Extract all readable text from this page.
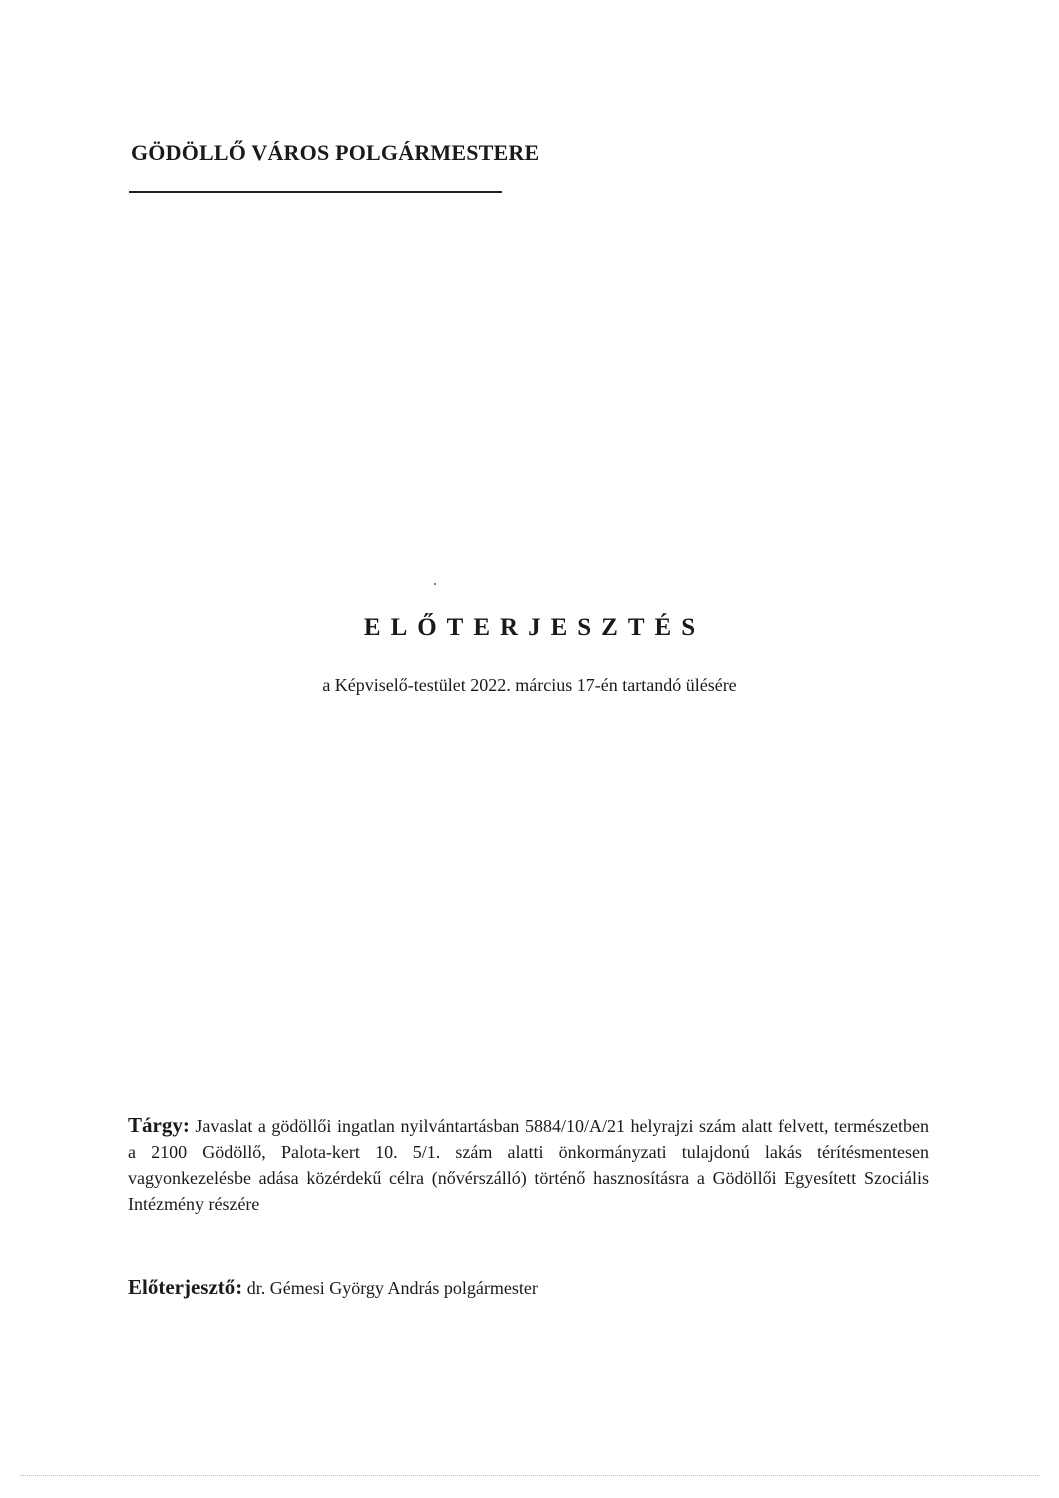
GÖDÖLLŐ VÁROS POLGÁRMESTERE
ELŐTERJESZTÉS
a Képviselő-testület 2022. március 17-én tartandó ülésére
Tárgy: Javaslat a gödöllői ingatlan nyilvántartásban 5884/10/A/21 helyrajzi szám alatt felvett, természetben a 2100 Gödöllő, Palota-kert 10. 5/1. szám alatti önkormányzati tulajdonú lakás térítésmentesen vagyonkezelésbe adása közérdekű célra (nővérszálló) történő hasznosításra a Gödöllői Egyesített Szociális Intézmény részére
Előterjesztő: dr. Gémesi György András polgármester
